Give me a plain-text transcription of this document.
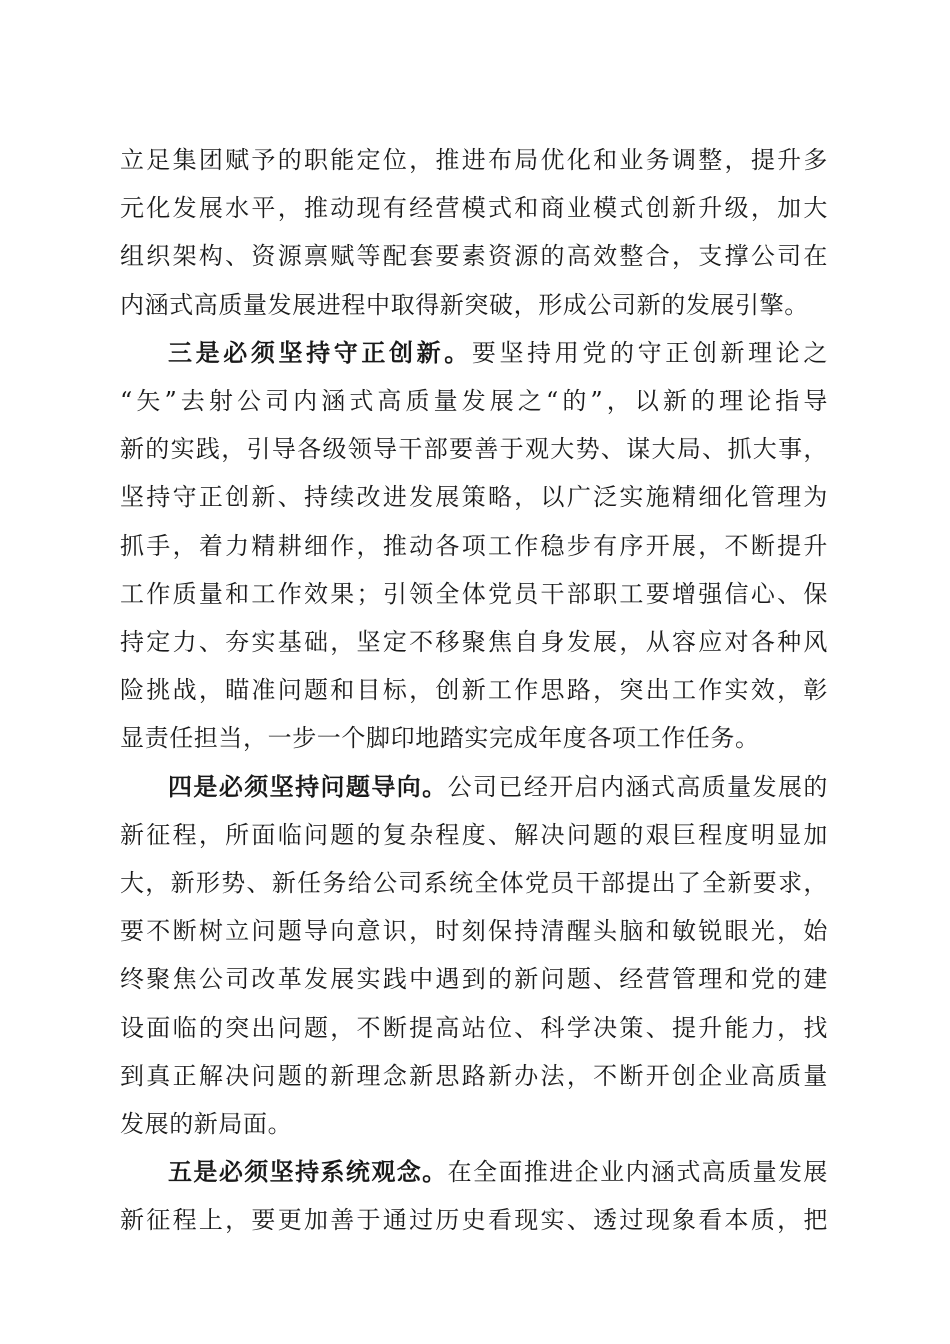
立足集团赋予的职能定位，推进布局优化和业务调整，提升多
元化发展水平，推动现有经营模式和商业模式创新升级，加大
组织架构、资源禀赋等配套要素资源的高效整合，支撑公司在
内涵式高质量发展进程中取得新突破，形成公司新的发展引擎。
三是必须坚持守正创新。要坚持用党的守正创新理论之
“矢”去射公司内涵式高质量发展之“的”，以新的理论指导
新的实践，引导各级领导干部要善于观大势、谋大局、抓大事，
坚持守正创新、持续改进发展策略，以广泛实施精细化管理为
抓手，着力精耕细作，推动各项工作稳步有序开展，不断提升
工作质量和工作效果；引领全体党员干部职工要增强信心、保
持定力、夯实基础，坚定不移聚焦自身发展，从容应对各种风
险挑战，瞄准问题和目标，创新工作思路，突出工作实效，彰
显责任担当，一步一个脚印地踏实完成年度各项工作任务。
四是必须坚持问题导向。公司已经开启内涵式高质量发展的
新征程，所面临问题的复杂程度、解决问题的艰巨程度明显加
大，新形势、新任务给公司系统全体党员干部提出了全新要求，
要不断树立问题导向意识，时刻保持清醒头脑和敏锐眼光，始
终聚焦公司改革发展实践中遇到的新问题、经营管理和党的建
设面临的突出问题，不断提高站位、科学决策、提升能力，找
到真正解决问题的新理念新思路新办法，不断开创企业高质量
发展的新局面。
五是必须坚持系统观念。在全面推进企业内涵式高质量发展
新征程上，要更加善于通过历史看现实、透过现象看本质，把
